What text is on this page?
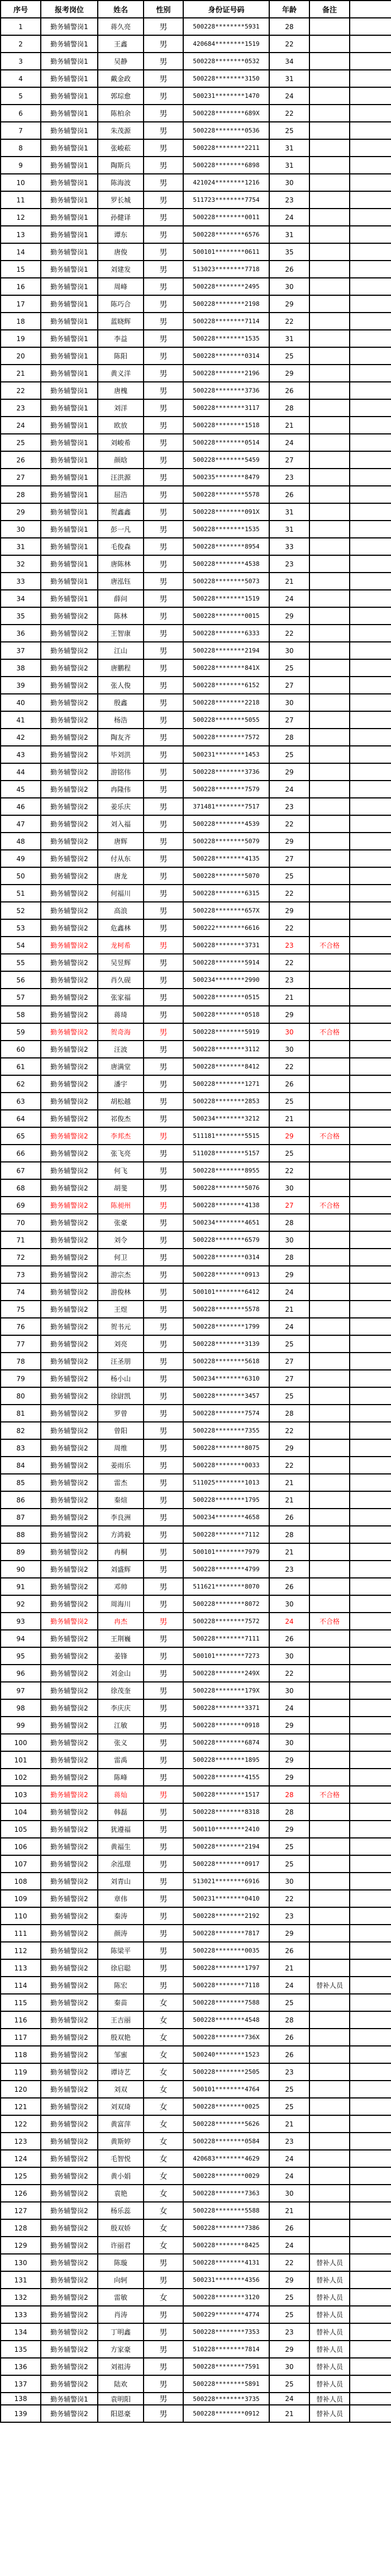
序号	报考岗位	姓名	性别	身份证号码	年龄	备注	
1	勤务辅警岗1	蒋久亮	男	500228********5931	28		
2	勤务辅警岗1	王鑫	男	420684********1519	22		
3	勤务辅警岗1	吴静	男	500228********0532	34		
4	勤务辅警岗1	戴金政	男	500228********3150	31		
5	勤务辅警岗1	郭琮愈	男	500231********1470	24		
6	勤务辅警岗1	陈柏余	男	500228********689X	22		
7	勤务辅警岗1	朱茂源	男	500228********0536	25		
8	勤务辅警岗1	张峻菘	男	500228********2211	31		
9	勤务辅警岗1	陶斯兵	男	500228********6898	31		
10	勤务辅警岗1	陈海波	男	421024********1216	30		
11	勤务辅警岗1	罗长城	男	511723********7754	23		
12	勤务辅警岗1	孙健译	男	500228********0011	24		
13	勤务辅警岗1	谭东	男	500228********6576	31		
14	勤务辅警岗1	唐俊	男	500101********0611	35		
15	勤务辅警岗1	刘建发	男	513023********7718	26		
16	勤务辅警岗1	周峰	男	500228********2495	30		
17	勤务辅警岗1	陈巧合	男	500228********2198	29		
18	勤务辅警岗1	蓝晓辉	男	500228********7114	22		
19	勤务辅警岗1	李益	男	500228********1535	31		
20	勤务辅警岗1	陈阳	男	500228********0314	25		
21	勤务辅警岗1	黄义洋	男	500228********2196	29		
22	勤务辅警岗1	唐槐	男	500228********3736	26		
23	勤务辅警岗1	刘洋	男	500228********3117	28		
24	勤务辅警岗1	欧放	男	500228********1518	21		
25	勤务辅警岗1	刘峻希	男	500228********0514	24		
26	勤务辅警岗1	颜晗	男	500228********5459	27		
27	勤务辅警岗1	汪洪源	男	500235********8479	23		
28	勤务辅警岗1	屈浩	男	500228********5578	26		
29	勤务辅警岗1	贺鑫鑫	男	500228********091X	31		
30	勤务辅警岗1	彭一凡	男	500228********1535	31		
31	勤务辅警岗1	毛俊森	男	500228********8954	33		
32	勤务辅警岗1	唐陈林	男	500228********4538	23		
33	勤务辅警岗1	唐泓钰	男	500228********5073	21		
34	勤务辅警岗1	薛问	男	500228********1519	24		
35	勤务辅警岗2	陈林	男	500228********0015	29		
36	勤务辅警岗2	王智康	男	500228********6333	22		
37	勤务辅警岗2	江山	男	500228********2194	30		
38	勤务辅警岗2	唐鹏程	男	500228********841X	25		
39	勤务辅警岗2	张人俊	男	500228********6152	27		
40	勤务辅警岗2	殷鑫	男	500228********2218	30		
41	勤务辅警岗2	杨浩	男	500228********5055	27		
42	勤务辅警岗2	陶友齐	男	500228********7572	28		
43	勤务辅警岗2	毕刘洪	男	500231********1453	25		
44	勤务辅警岗2	游铭伟	男	500228********3736	29		
45	勤务辅警岗2	冉隆伟	男	500228********7579	24		
46	勤务辅警岗2	姜乐庆	男	371481********7517	23		
47	勤务辅警岗2	刘入福	男	500228********4539	22		
48	勤务辅警岗2	唐辉	男	500228********5079	29		
49	勤务辅警岗2	付从东	男	500228********4135	27		
50	勤务辅警岗2	唐龙	男	500228********5070	25		
51	勤务辅警岗2	何福川	男	500228********6315	22		
52	勤务辅警岗2	高浪	男	500228********657X	29		
53	勤务辅警岗2	危鑫林	男	500222********6616	22		
54	勤务辅警岗2	龙柯希	男	500228********3731	23	不合格	
55	勤务辅警岗2	吴昱辉	男	500228********5914	22		
56	勤务辅警岗2	肖久砚	男	500234********2990	23		
57	勤务辅警岗2	张家福	男	500228********0515	21		
58	勤务辅警岗2	蒋琦	男	500228********0518	29		
59	勤务辅警岗2	贺奇海	男	500228********5919	30	不合格	
60	勤务辅警岗2	汪波	男	500228********3112	30		
61	勤务辅警岗2	唐满堂	男	500228********8412	22		
62	勤务辅警岗2	潘宇	男	500228********1271	26		
63	勤务辅警岗2	胡松越	男	500228********2853	25		
64	勤务辅警岗2	祁俊杰	男	500234********3212	21		
65	勤务辅警岗2	李邦杰	男	511181********5515	29	不合格	
66	勤务辅警岗2	张飞亮	男	511028********5157	25		
67	勤务辅警岗2	何飞	男	500228********8955	22		
68	勤务辅警岗2	胡斐	男	500228********5076	30		
69	勤务辅警岗2	陈昶州	男	500228********4138	27	不合格	
70	勤务辅警岗2	张豪	男	500234********4651	28		
71	勤务辅警岗2	刘令	男	500228********6579	30		
72	勤务辅警岗2	何卫	男	500228********0314	28		
73	勤务辅警岗2	游宗杰	男	500228********0913	29		
74	勤务辅警岗2	游俊林	男	500101********6412	24		
75	勤务辅警岗2	王煜	男	500228********5578	21		
76	勤务辅警岗2	贺书元	男	500228********1799	24		
77	勤务辅警岗2	刘亮	男	500228********3139	25		
78	勤务辅警岗2	汪圣朋	男	500228********5618	27		
79	勤务辅警岗2	杨小山	男	500234********6310	27		
80	勤务辅警岗2	徐尉凯	男	500228********3457	25		
81	勤务辅警岗2	罗曾	男	500228********7574	28		
82	勤务辅警岗2	曾阳	男	500228********7355	22		
83	勤务辅警岗2	周维	男	500228********8075	29		
84	勤务辅警岗2	姜雨乐	男	500228********0033	22		
85	勤务辅警岗2	雷杰	男	511025********1013	21		
86	勤务辅警岗2	秦煊	男	500228********1795	21		
87	勤务辅警岗2	李良洲	男	500234********4658	26		
88	勤务辅警岗2	方鸿毅	男	500228********7112	28		
89	勤务辅警岗2	冉桐	男	500101********7979	21		
90	勤务辅警岗2	刘盛辉	男	500228********4799	23		
91	勤务辅警岗2	邓帅	男	511621********8070	26		
92	勤务辅警岗2	周海川	男	500228********8072	30		
93	勤务辅警岗2	冉杰	男	500228********7572	24	不合格	
94	勤务辅警岗2	王荆巍	男	500228********7111	26		
95	勤务辅警岗2	姜锋	男	500101********7273	30		
96	勤务辅警岗2	刘金山	男	500228********249X	22		
97	勤务辅警岗2	徐茂奎	男	500228********179X	30		
98	勤务辅警岗2	李庆庆	男	500228********3371	24		
99	勤务辅警岗2	江敏	男	500228********0918	29		
100	勤务辅警岗2	张义	男	500228********6874	30		
101	勤务辅警岗2	雷禹	男	500228********1895	29		
102	勤务辅警岗2	陈峰	男	500228********4155	29		
103	勤务辅警岗2	蒋灿	男	500228********1517	28	不合格	
104	勤务辅警岗2	韩磊	男	500228********8318	28		
105	勤务辅警岗2	犹遵福	男	500110********2410	29		
106	勤务辅警岗2	黄福生	男	500228********2194	25		
107	勤务辅警岗2	余泓璟	男	500228********0917	25		
108	勤务辅警岗2	刘青山	男	513021********6916	30		
109	勤务辅警岗2	章伟	男	500231********0410	22		
110	勤务辅警岗2	秦涛	男	500228********2192	23		
111	勤务辅警岗2	颜涛	男	500228********7817	29		
112	勤务辅警岗2	陈梁平	男	500228********0035	26		
113	勤务辅警岗2	徐启聪	男	500228********1797	21		
114	勤务辅警岗2	陈宏	男	500228********7118	24	替补人员	
115	勤务辅警岗2	秦苗	女	500228********7588	25		
116	勤务辅警岗2	王吉丽	女	500228********4548	28		
117	勤务辅警岗2	殷双艳	女	500228********736X	26		
118	勤务辅警岗2	邹蜜	女	500240********1523	26		
119	勤务辅警岗2	谭诗艺	女	500228********2505	23		
120	勤务辅警岗2	刘双	女	500101********4764	25		
121	勤务辅警岗2	刘双琦	女	500228********0025	25		
122	勤务辅警岗2	黄富萍	女	500228********5626	21		
123	勤务辅警岗2	黄斯婷	女	500228********0584	23		
124	勤务辅警岗2	毛智悦	女	420683********4629	24		
125	勤务辅警岗2	黄小娟	女	500228********0029	24		
126	勤务辅警岗2	袁艳	女	500228********7363	30		
127	勤务辅警岗2	杨乐蕊	女	500228********5588	21		
128	勤务辅警岗2	殷双娇	女	500228********7386	26		
129	勤务辅警岗2	许丽君	女	500228********8425	24		
130	勤务辅警岗2	陈璇	男	500228********4131	22	替补人员	
131	勤务辅警岗2	向轲	男	500231********4356	29	替补人员	
132	勤务辅警岗2	雷敏	女	500228********3120	25	替补人员	
133	勤务辅警岗2	肖涛	男	500229********4774	25	替补人员	
134	勤务辅警岗2	丁明鑫	男	500228********7353	23	替补人员	
135	勤务辅警岗2	方家豪	男	510228********7814	29	替补人员	
136	勤务辅警岗2	刘祖涛	男	500228********7591	30	替补人员	
137	勤务辅警岗2	陆欢	男	500228********5891	25	替补人员	
138	勤务辅警岗1	袁明阳	男	500228********3735	24	替补人员	
139	勤务辅警岗2	阳恩豪	男	500228********0912	21	替补人员	
